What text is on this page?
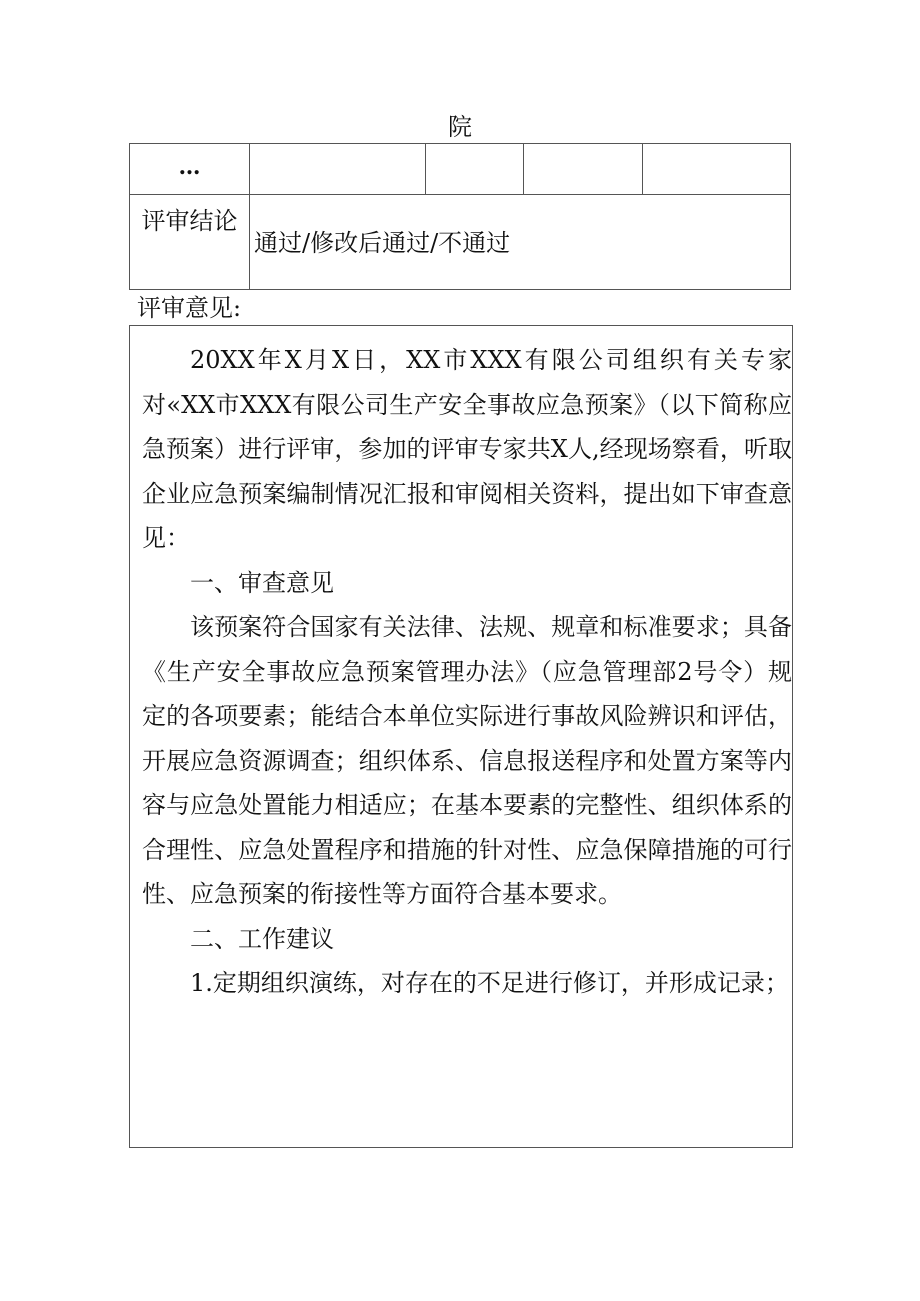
院
…
评审结论
通过/修改后通过/不通过
评审意见:

20XX年X月X日，XX市XXX有限公司组织有关专家对«XX市XXX有限公司生产安全事故应急预案》（以下简称应急预案）进行评审，参加的评审专家共X人,经现场察看，听取企业应急预案编制情况汇报和审阅相关资料，提出如下审查意见：

一、审查意见

该预案符合国家有关法律、法规、规章和标准要求；具备《生产安全事故应急预案管理办法》（应急管理部2号令）规定的各项要素；能结合本单位实际进行事故风险辨识和评估，开展应急资源调查；组织体系、信息报送程序和处置方案等内容与应急处置能力相适应；在基本要素的完整性、组织体系的合理性、应急处置程序和措施的针对性、应急保障措施的可行性、应急预案的衔接性等方面符合基本要求。

二、工作建议

1.定期组织演练，对存在的不足进行修订，并形成记录；
